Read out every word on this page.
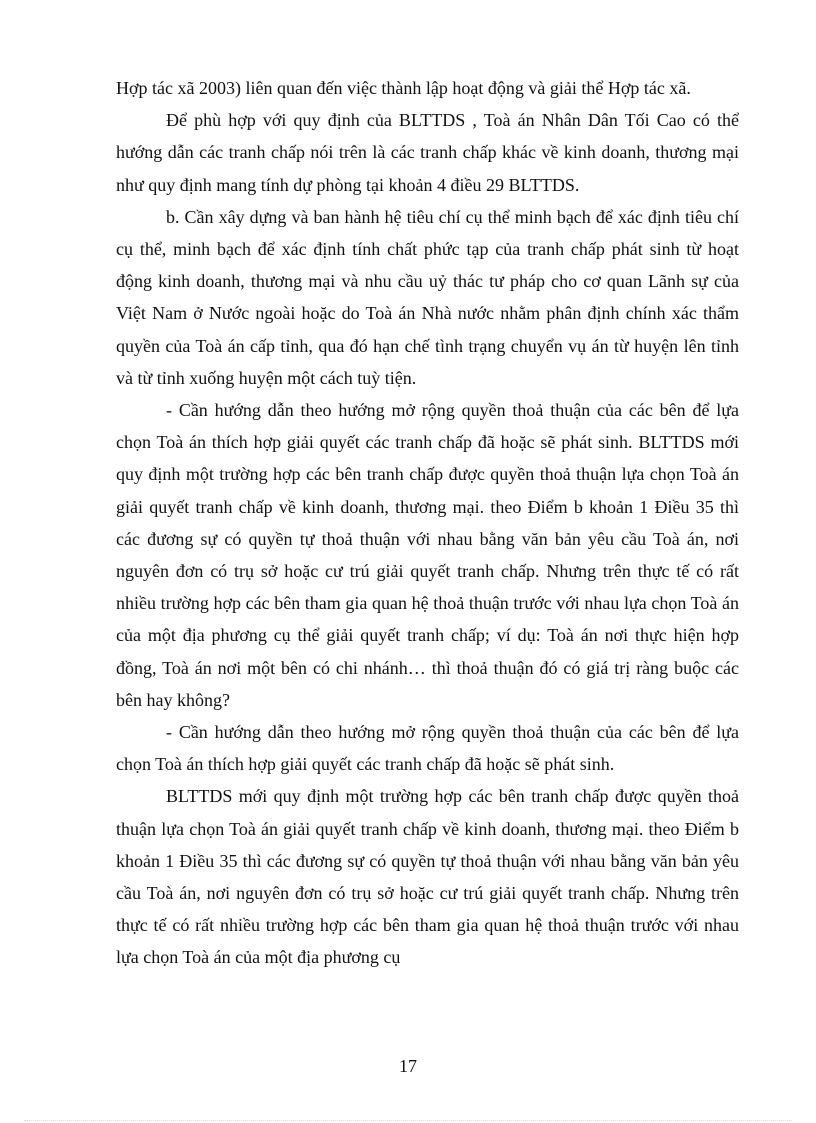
Hợp tác xã 2003) liên quan đến việc thành lập hoạt động và giải thể Hợp tác xã.

Để phù hợp với quy định của BLTTDS , Toà án Nhân Dân Tối Cao có thể hướng dẫn các tranh chấp nói trên là các tranh chấp khác về kinh doanh, thương mại như quy định mang tính dự phòng tại khoản 4 điều 29 BLTTDS.

b. Cần xây dựng và ban hành hệ tiêu chí cụ thể minh bạch để xác định tiêu chí cụ thể, minh bạch để xác định tính chất phức tạp của tranh chấp phát sinh từ hoạt động kinh doanh, thương mại và nhu cầu uỷ thác tư pháp cho cơ quan Lãnh sự của Việt Nam ở Nước ngoài hoặc do Toà án Nhà nước nhằm phân định chính xác thẩm quyền của Toà án cấp tỉnh, qua đó hạn chế tình trạng chuyển vụ án từ huyện lên tỉnh và từ tỉnh xuống huyện một cách tuỳ tiện.

- Cần hướng dẫn theo hướng mở rộng quyền thoả thuận của các bên để lựa chọn Toà án thích hợp giải quyết các tranh chấp đã hoặc sẽ phát sinh. BLTTDS mới quy định một trường hợp các bên tranh chấp được quyền thoả thuận lựa chọn Toà án giải quyết tranh chấp về kinh doanh, thương mại. theo Điểm b khoản 1 Điều 35 thì các đương sự có quyền tự thoả thuận với nhau bằng văn bản yêu cầu Toà án, nơi nguyên đơn có trụ sở hoặc cư trú giải quyết tranh chấp. Nhưng trên thực tế có rất nhiều trường hợp các bên tham gia quan hệ thoả thuận trước với nhau lựa chọn Toà án của một địa phương cụ thể giải quyết tranh chấp; ví dụ: Toà án nơi thực hiện hợp đồng, Toà án nơi một bên có chi nhánh… thì thoả thuận đó có giá trị ràng buộc các bên hay không?

- Cần hướng dẫn theo hướng mở rộng quyền thoả thuận của các bên để lựa chọn Toà án thích hợp giải quyết các tranh chấp đã hoặc sẽ phát sinh.

BLTTDS mới quy định một trường hợp các bên tranh chấp được quyền thoả thuận lựa chọn Toà án giải quyết tranh chấp về kinh doanh, thương mại. theo Điểm b khoản 1 Điều 35 thì các đương sự có quyền tự thoả thuận với nhau bằng văn bản yêu cầu Toà án, nơi nguyên đơn có trụ sở hoặc cư trú giải quyết tranh chấp. Nhưng trên thực tế có rất nhiều trường hợp các bên tham gia quan hệ thoả thuận trước với nhau lựa chọn Toà án của một địa phương cụ

17
